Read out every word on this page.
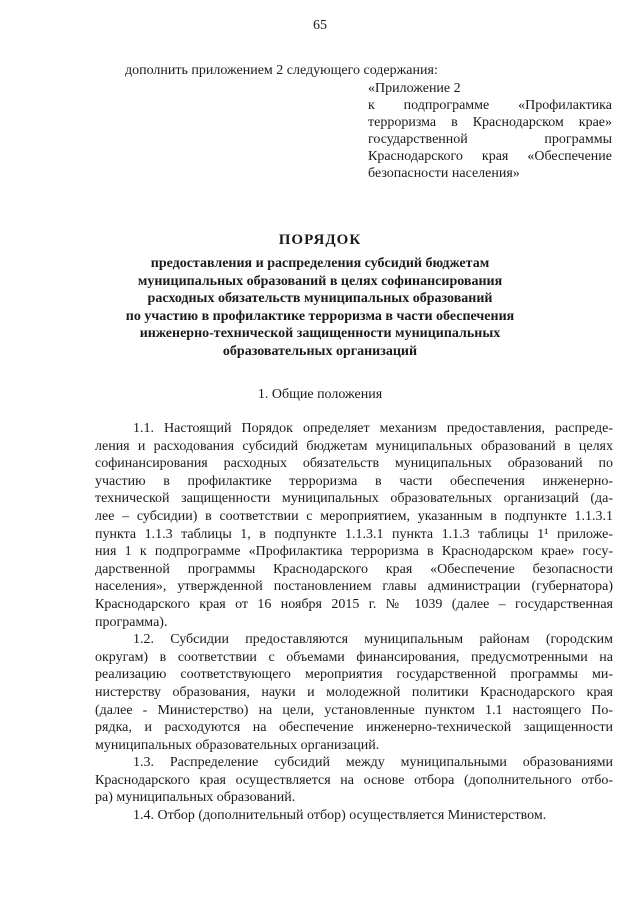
65
дополнить приложением 2 следующего содержания:
«Приложение 2
к подпрограмме «Профилактика
терроризма в Краснодарском крае»
государственной программы
Краснодарского края «Обеспечение
безопасности населения»
ПОРЯДОК
предоставления и распределения субсидий бюджетам
муниципальных образований в целях софинансирования
расходных обязательств муниципальных образований
по участию в профилактике терроризма в части обеспечения
инженерно-технической защищенности муниципальных
образовательных организаций
1. Общие положения
1.1. Настоящий Порядок определяет механизм предоставления, распреде-
ления и расходования субсидий бюджетам муниципальных образований в целях
софинансирования расходных обязательств муниципальных образований по
участию в профилактике терроризма в части обеспечения инженерно-
технической защищенности муниципальных образовательных организаций (да-
лее – субсидии) в соответствии с мероприятием, указанным в подпункте 1.1.3.1
пункта 1.1.3 таблицы 1, в подпункте 1.1.3.1 пункта 1.1.3 таблицы 1¹ приложе-
ния 1 к подпрограмме «Профилактика терроризма в Краснодарском крае» госу-
дарственной программы Краснодарского края «Обеспечение безопасности
населения», утвержденной постановлением главы администрации (губернатора)
Краснодарского края от 16 ноября 2015 г. № 1039 (далее – государственная
программа).
1.2. Субсидии предоставляются муниципальным районам (городским
округам) в соответствии с объемами финансирования, предусмотренными на
реализацию соответствующего мероприятия государственной программы ми-
нистерству образования, науки и молодежной политики Краснодарского края
(далее - Министерство) на цели, установленные пунктом 1.1 настоящего По-
рядка, и расходуются на обеспечение инженерно-технической защищенности
муниципальных образовательных организаций.
1.3. Распределение субсидий между муниципальными образованиями
Краснодарского края осуществляется на основе отбора (дополнительного отбо-
ра) муниципальных образований.
1.4. Отбор (дополнительный отбор) осуществляется Министерством.
